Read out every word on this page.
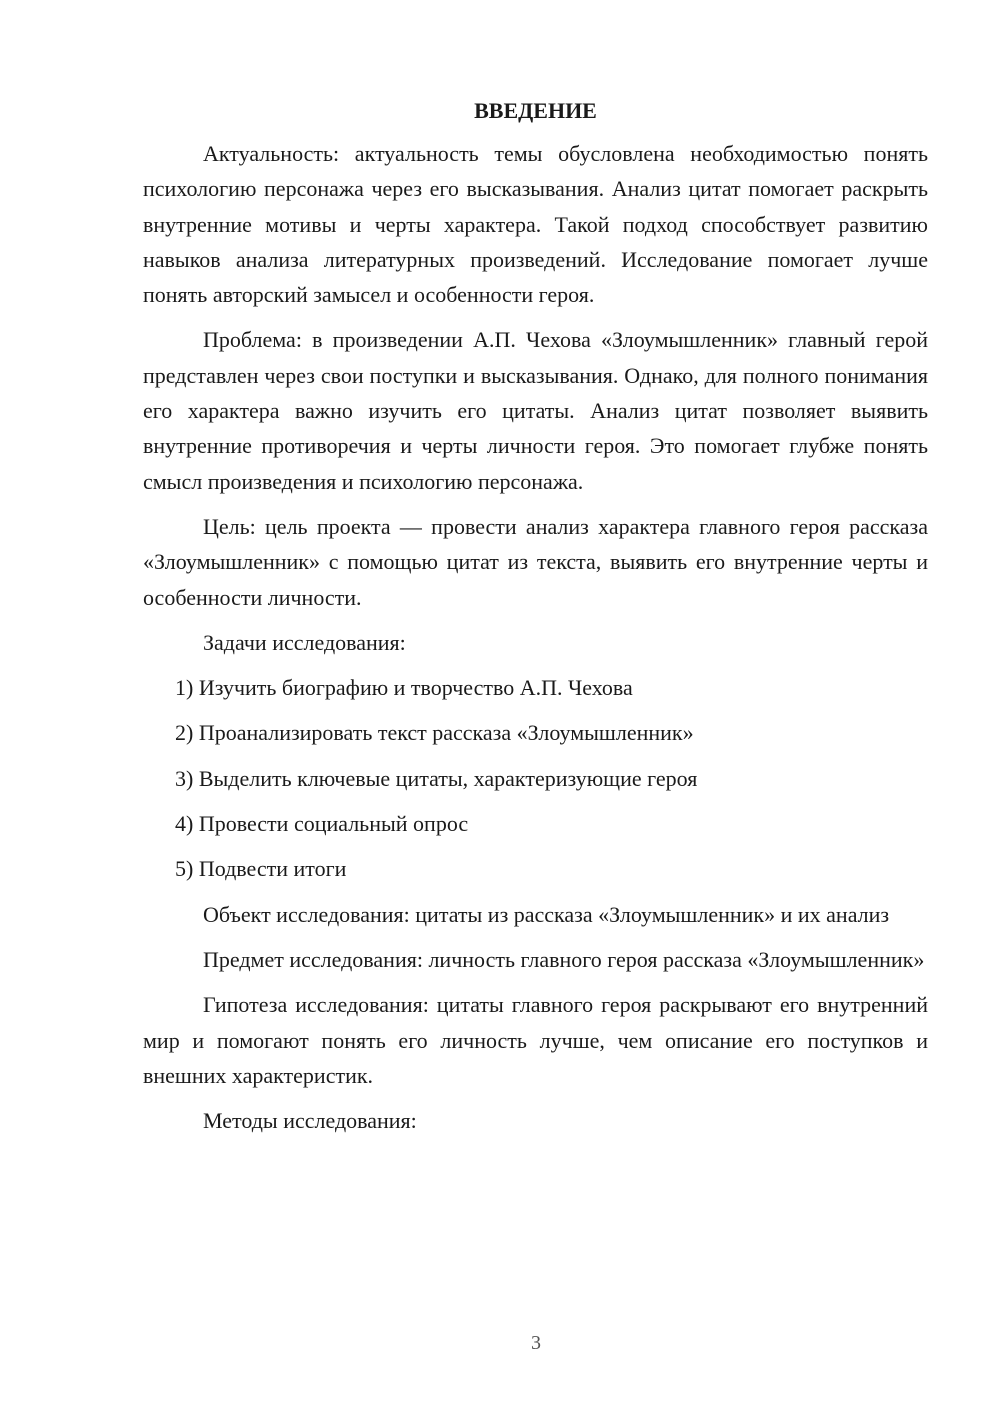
ВВЕДЕНИЕ

Актуальность: актуальность темы обусловлена необходимостью понять психологию персонажа через его высказывания. Анализ цитат помогает раскрыть внутренние мотивы и черты характера. Такой подход способствует развитию навыков анализа литературных произведений. Исследование помогает лучше понять авторский замысел и особенности героя.

Проблема: в произведении А.П. Чехова «Злоумышленник» главный герой представлен через свои поступки и высказывания. Однако, для полного понимания его характера важно изучить его цитаты. Анализ цитат позволяет выявить внутренние противоречия и черты личности героя. Это помогает глубже понять смысл произведения и психологию персонажа.

Цель: цель проекта — провести анализ характера главного героя рассказа «Злоумышленник» с помощью цитат из текста, выявить его внутренние черты и особенности личности.

Задачи исследования:

1) Изучить биографию и творчество А.П. Чехова
2) Проанализировать текст рассказа «Злоумышленник»
3) Выделить ключевые цитаты, характеризующие героя
4) Провести социальный опрос
5) Подвести итоги

Объект исследования: цитаты из рассказа «Злоумышленник» и их анализ

Предмет исследования: личность главного героя рассказа «Злоумышленник»

Гипотеза исследования: цитаты главного героя раскрывают его внутренний мир и помогают понять его личность лучше, чем описание его поступков и внешних характеристик.

Методы исследования:

3
